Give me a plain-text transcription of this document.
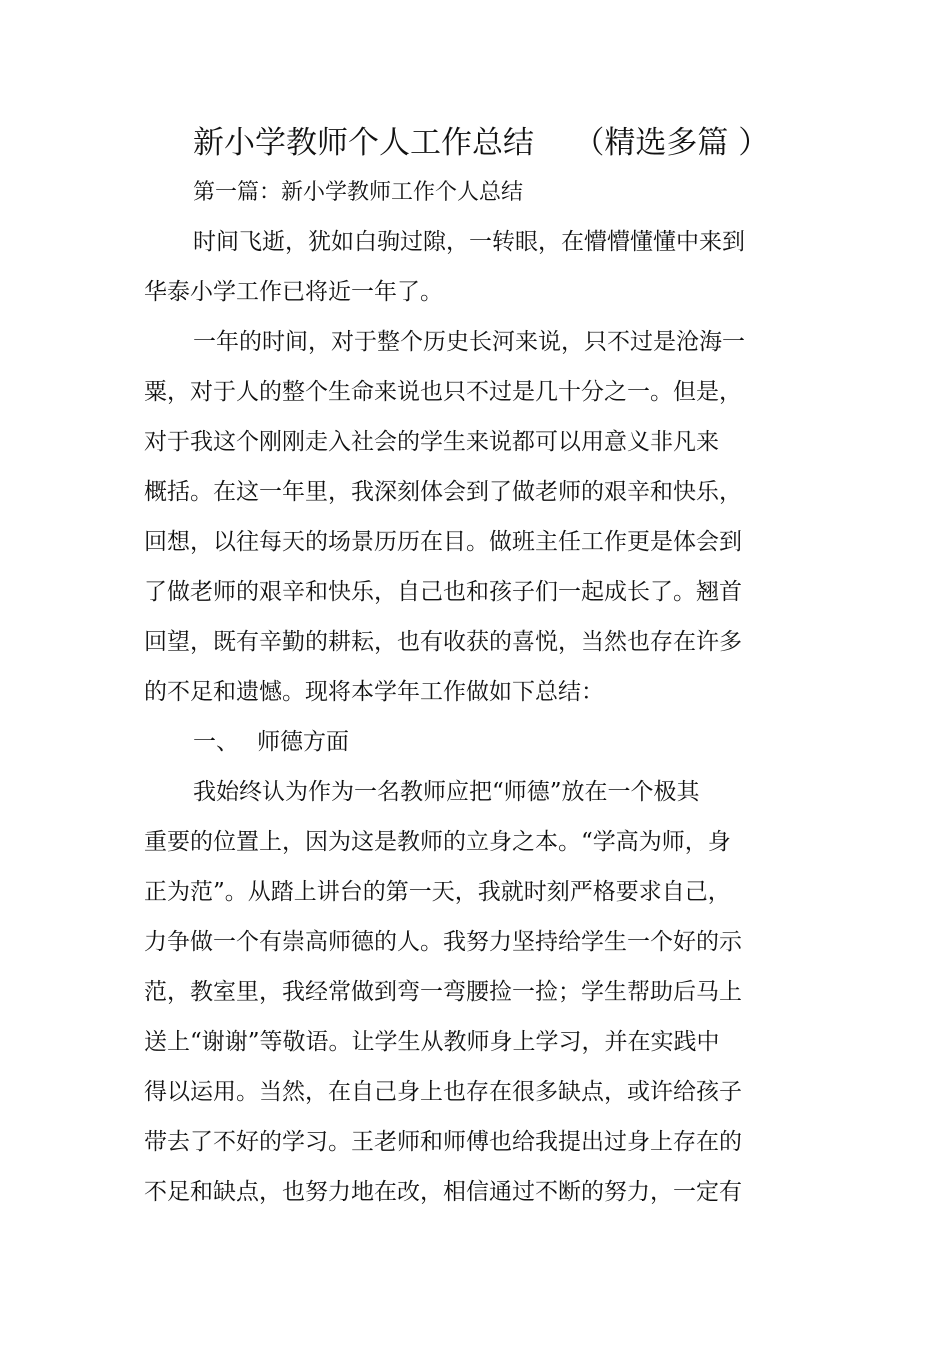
新小学教师个人工作总结    （精选多篇 ）
第一篇：新小学教师工作个人总结
时间飞逝，犹如白驹过隙，一转眼，在懵懵懂懂中来到
华泰小学工作已将近一年了。
一年的时间，对于整个历史长河来说，只不过是沧海一
粟，对于人的整个生命来说也只不过是几十分之一。但是，
对于我这个刚刚走入社会的学生来说都可以用意义非凡来
概括。在这一年里，我深刻体会到了做老师的艰辛和快乐，
回想，以往每天的场景历历在目。做班主任工作更是体会到
了做老师的艰辛和快乐，自己也和孩子们一起成长了。翘首
回望，既有辛勤的耕耘，也有收获的喜悦，当然也存在许多
的不足和遗憾。现将本学年工作做如下总结：
一、 师德方面
我始终认为作为一名教师应把“师德”放在一个极其
重要的位置上，因为这是教师的立身之本。“学高为师，身
正为范”。从踏上讲台的第一天，我就时刻严格要求自己，
力争做一个有崇高师德的人。我努力坚持给学生一个好的示
范，教室里，我经常做到弯一弯腰捡一捡；学生帮助后马上
送上“谢谢”等敬语。让学生从教师身上学习，并在实践中
得以运用。当然，在自己身上也存在很多缺点，或许给孩子
带去了不好的学习。王老师和师傅也给我提出过身上存在的
不足和缺点，也努力地在改，相信通过不断的努力，一定有
